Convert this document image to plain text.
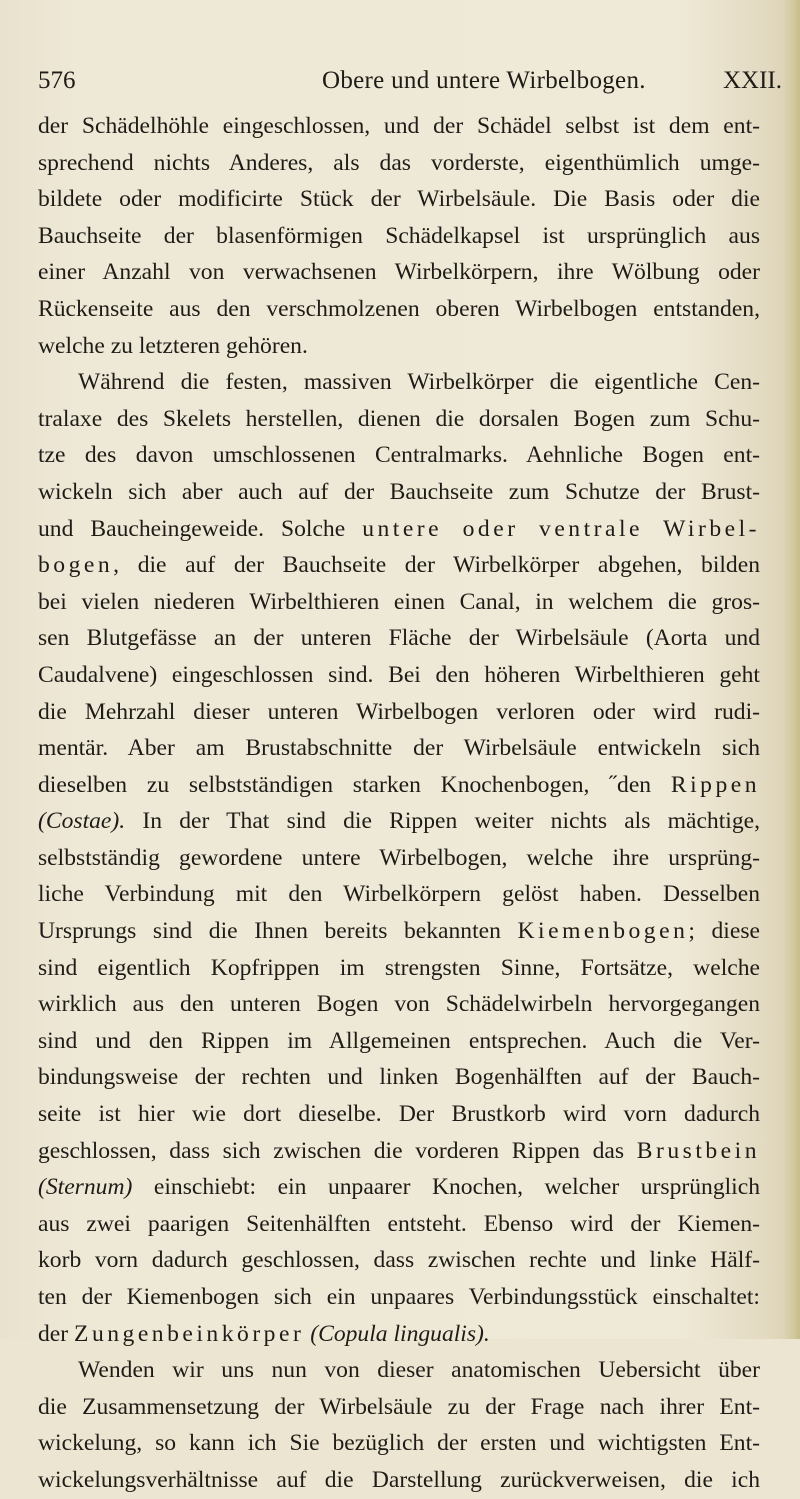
576	Obere und untere Wirbelbogen.	XXII.
der Schädelhöhle eingeschlossen, und der Schädel selbst ist dem ent-
sprechend nichts Anderes, als das vorderste, eigenthümlich umge-
bildete oder modificirte Stück der Wirbelsäule. Die Basis oder die
Bauchseite der blasenförmigen Schädelkapsel ist ursprünglich aus
einer Anzahl von verwachsenen Wirbelkörpern, ihre Wölbung oder
Rückenseite aus den verschmolzenen oberen Wirbelbogen entstanden,
welche zu letzteren gehören.
Während die festen, massiven Wirbelkörper die eigentliche Cen-
tralaxe des Skelets herstellen, dienen die dorsalen Bogen zum Schu-
tze des davon umschlossenen Centralmarks. Aehnliche Bogen ent-
wickeln sich aber auch auf der Bauchseite zum Schutze der Brust-
und Baucheingeweide. Solche untere oder ventrale Wirbel-
bogen, die auf der Bauchseite der Wirbelkörper abgehen, bilden
bei vielen niederen Wirbelthieren einen Canal, in welchem die gros-
sen Blutgefässe an der unteren Fläche der Wirbelsäule (Aorta und
Caudalvene) eingeschlossen sind. Bei den höheren Wirbelthieren geht
die Mehrzahl dieser unteren Wirbelbogen verloren oder wird rudi-
mentär. Aber am Brustabschnitte der Wirbelsäule entwickeln sich
dieselben zu selbstständigen starken Knochenbogen, ˝den Rippen
(Costae). In der That sind die Rippen weiter nichts als mächtige,
selbstständig gewordene untere Wirbelbogen, welche ihre ursprüng-
liche Verbindung mit den Wirbelkörpern gelöst haben. Desselben
Ursprungs sind die Ihnen bereits bekannten Kiemenbogen; diese
sind eigentlich Kopfrippen im strengsten Sinne, Fortsätze, welche
wirklich aus den unteren Bogen von Schädelwirbeln hervorgegangen
sind und den Rippen im Allgemeinen entsprechen. Auch die Ver-
bindungsweise der rechten und linken Bogenhälften auf der Bauch-
seite ist hier wie dort dieselbe. Der Brustkorb wird vorn dadurch
geschlossen, dass sich zwischen die vorderen Rippen das Brustbein
(Sternum) einschiebt: ein unpaarer Knochen, welcher ursprünglich
aus zwei paarigen Seitenhälften entsteht. Ebenso wird der Kiemen-
korb vorn dadurch geschlossen, dass zwischen rechte und linke Hälf-
ten der Kiemenbogen sich ein unpaares Verbindungsstück einschaltet:
der Zungenbeinkörper (Copula lingualis).
Wenden wir uns nun von dieser anatomischen Uebersicht über
die Zusammensetzung der Wirbelsäule zu der Frage nach ihrer Ent-
wickelung, so kann ich Sie bezüglich der ersten und wichtigsten Ent-
wickelungsverhältnisse auf die Darstellung zurückverweisen, die ich
